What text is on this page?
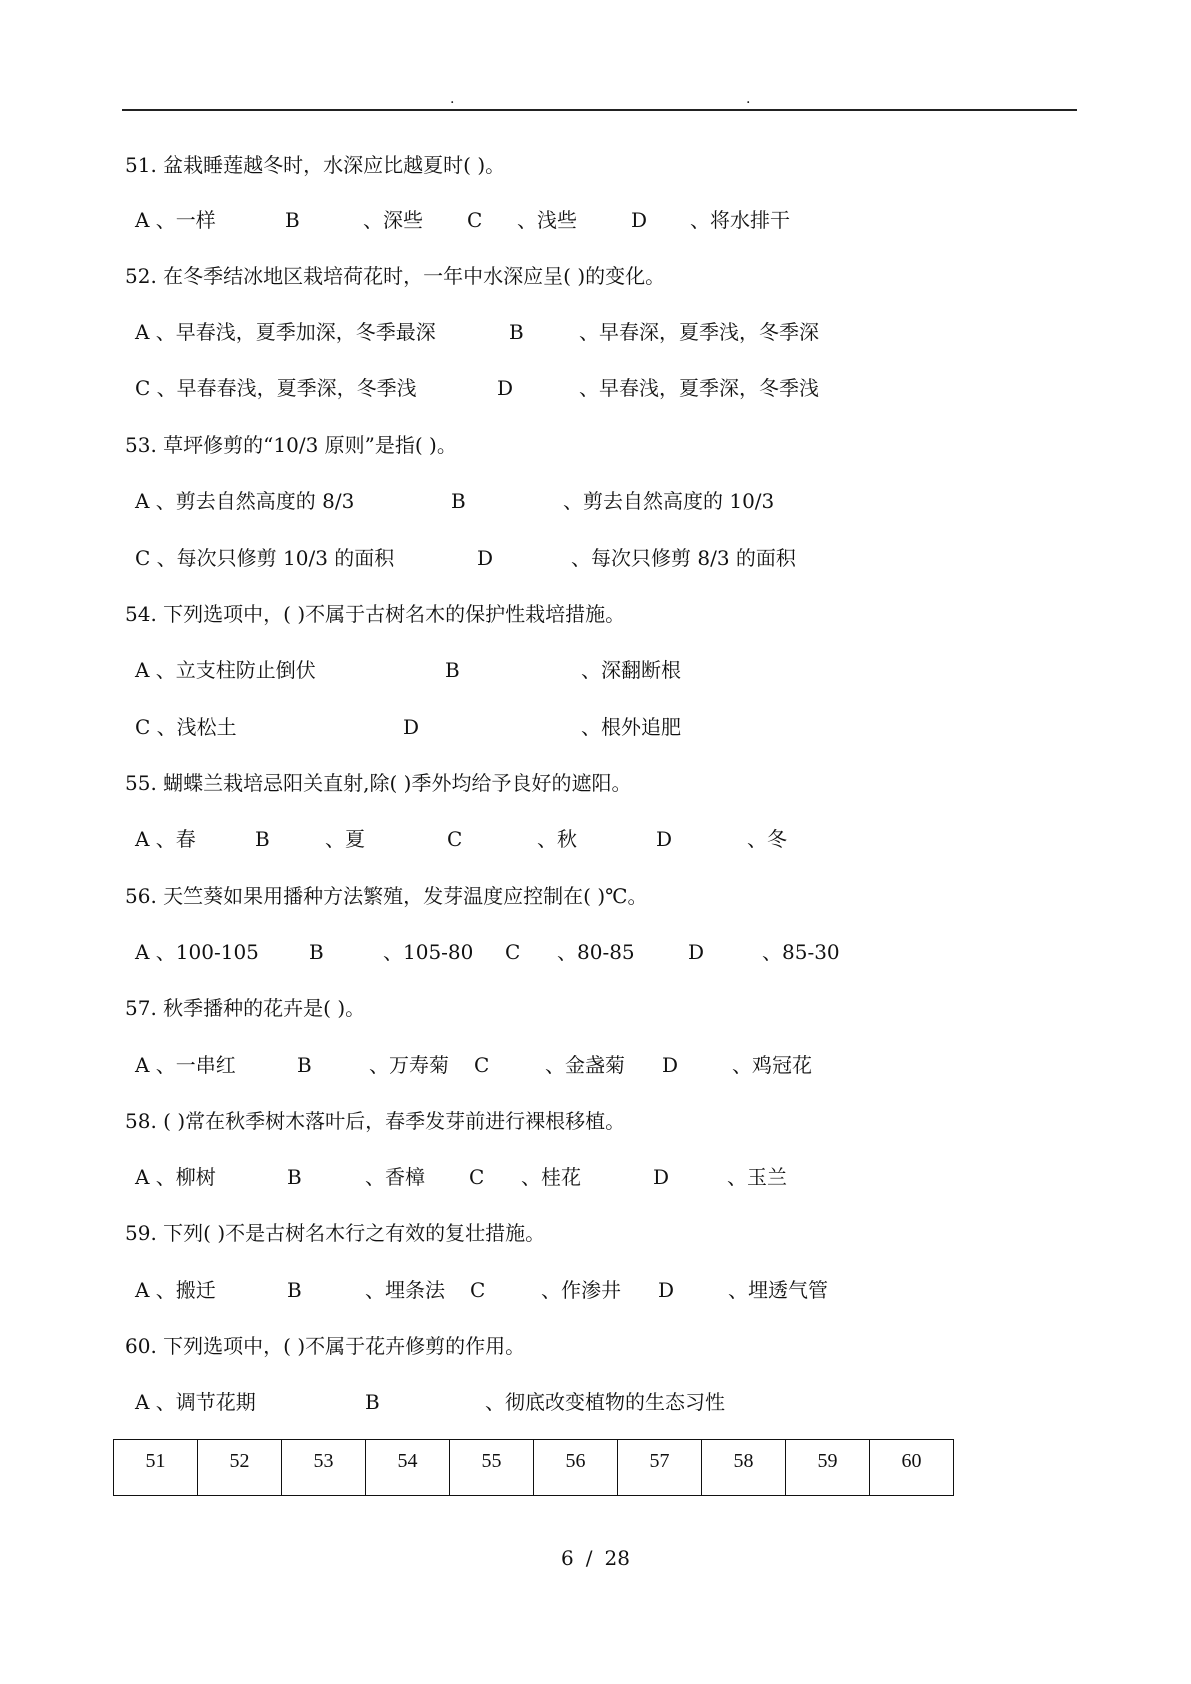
.	.
51. 盆栽睡莲越冬时，水深应比越夏时( )。
A 、一样	B	、深些 C 、浅些	D 、将水排干
52. 在冬季结冰地区栽培荷花时，一年中水深应呈( )的变化。
A 、早春浅，夏季加深，冬季最深	B	、早春深，夏季浅，冬季深
C 、早春春浅，夏季深，冬季浅	D	、早春浅，夏季深，冬季浅
53. 草坪修剪的“10/3 原则”是指( )。
A 、剪去自然高度的 8/3	B	、剪去自然高度的 10/3
C 、每次只修剪 10/3 的面积	D	、每次只修剪 8/3 的面积
54. 下列选项中，( )不属于古树名木的保护性栽培措施。
A 、立支柱防止倒伏	B	、深翻断根
C 、浅松土	D	、根外追肥
55. 蝴蝶兰栽培忌阳关直射,除( )季外均给予良好的遮阳。
A 、春	B	、夏	C	、秋	D	、冬
56. 天竺葵如果用播种方法繁殖，发芽温度应控制在( )℃。
A 、100-105	B	、105-80 C 、80-85	D	、85-30
57. 秋季播种的花卉是( )。
A 、一串红	B	、万寿菊 C	、金盏菊 D	、鸡冠花
58. ( )常在秋季树木落叶后，春季发芽前进行裸根移植。
A 、柳树	B	、香樟 C 、桂花	D	、玉兰
59. 下列( )不是古树名木行之有效的复壮措施。
A 、搬迁	B	、埋条法 C	、作渗井 D	、埋透气管
60. 下列选项中，( )不属于花卉修剪的作用。
A 、调节花期	B	、彻底改变植物的生态习性
51	52	53	54	55	56	57	58	59	60
6 / 28
